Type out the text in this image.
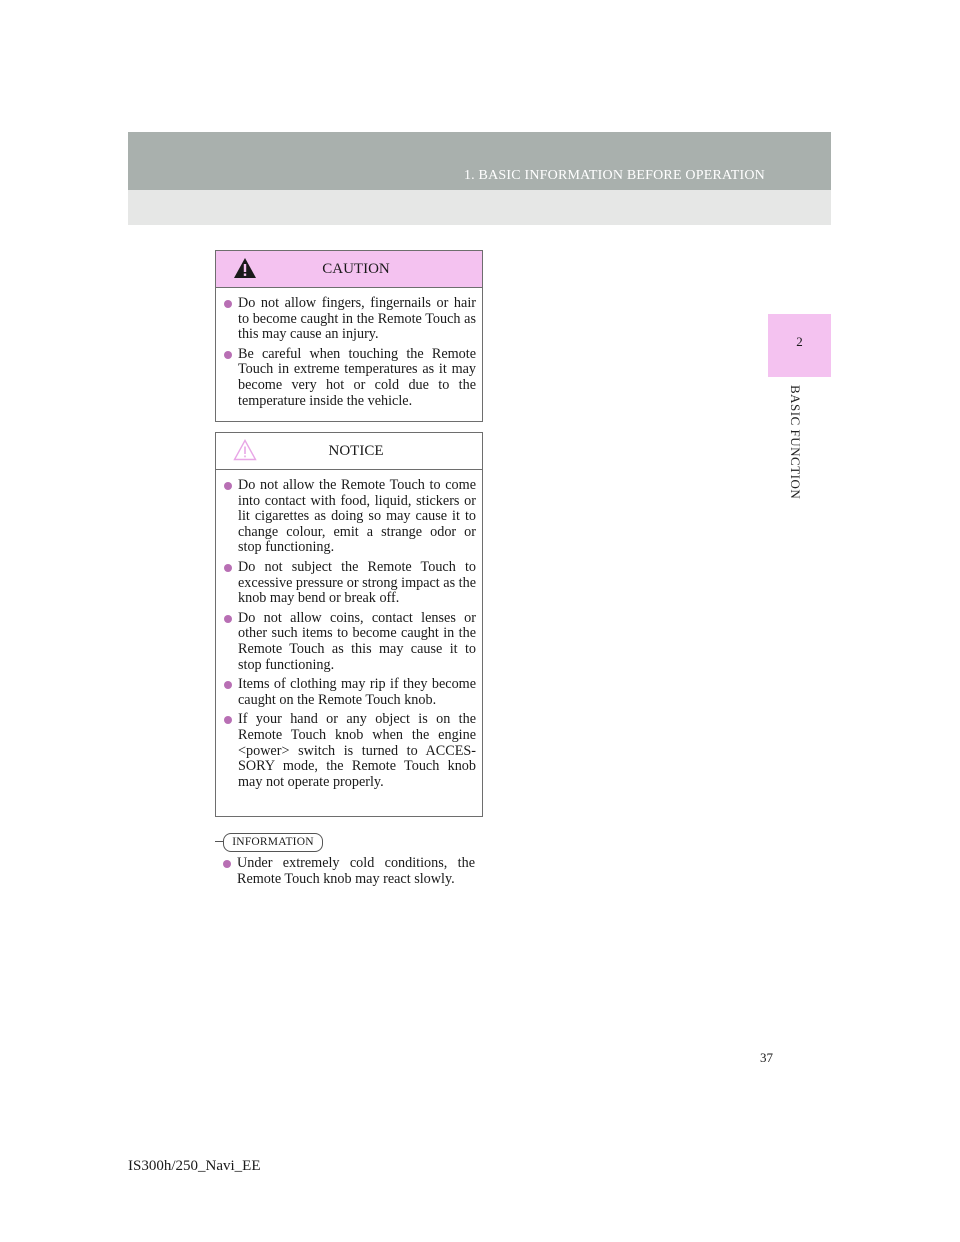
1. BASIC INFORMATION BEFORE OPERATION
2
BASIC FUNCTION
CAUTION
Do not allow fingers, fingernails or hair to become caught in the Remote Touch as this may cause an injury.
Be careful when touching the Remote Touch in extreme temperatures as it may become very hot or cold due to the temperature inside the vehicle.
NOTICE
Do not allow the Remote Touch to come into contact with food, liquid, stickers or lit cigarettes as doing so may cause it to change colour, emit a strange odor or stop functioning.
Do not subject the Remote Touch to excessive pressure or strong impact as the knob may bend or break off.
Do not allow coins, contact lenses or other such items to become caught in the Remote Touch as this may cause it to stop functioning.
Items of clothing may rip if they become caught on the Remote Touch knob.
If your hand or any object is on the Remote Touch knob when the engine <power> switch is turned to ACCES- SORY mode, the Remote Touch knob may not operate properly.
INFORMATION
Under extremely cold conditions, the Remote Touch knob may react slowly.
37
IS300h/250_Navi_EE
